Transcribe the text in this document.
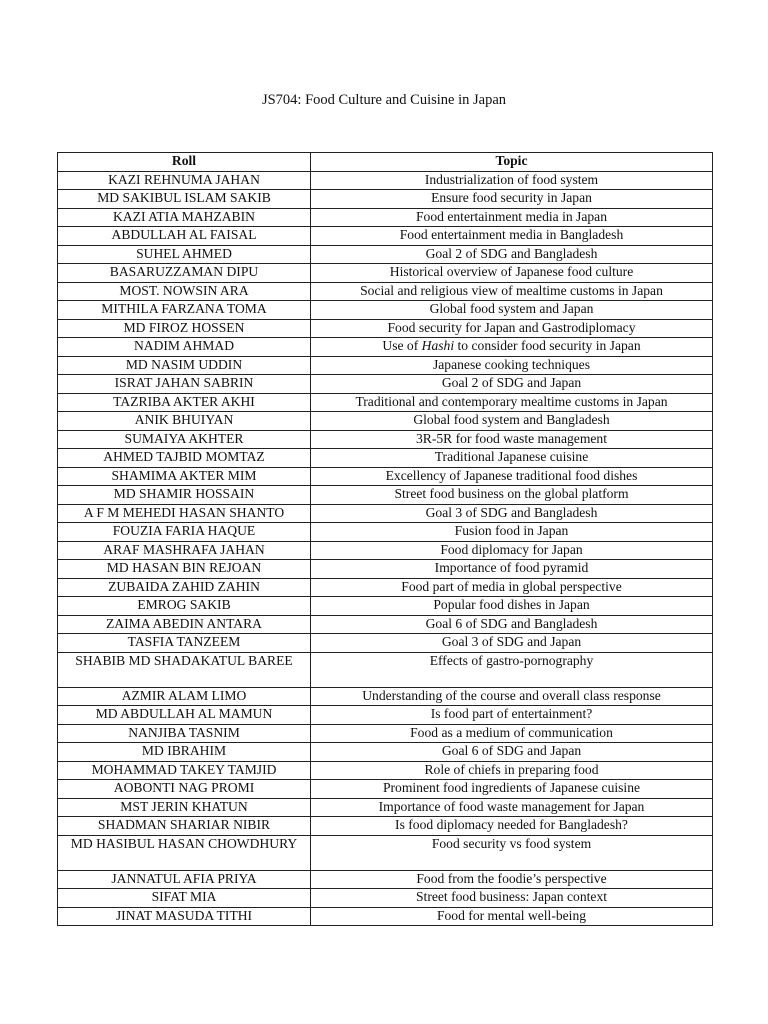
JS704: Food Culture and Cuisine in Japan
Roll	Topic
KAZI REHNUMA JAHAN	Industrialization of food system
MD SAKIBUL ISLAM SAKIB	Ensure food security in Japan
KAZI ATIA MAHZABIN	Food entertainment media in Japan
ABDULLAH AL FAISAL	Food entertainment media in Bangladesh
SUHEL AHMED	Goal 2 of SDG and Bangladesh
BASARUZZAMAN DIPU	Historical overview of Japanese food culture
MOST. NOWSIN ARA	Social and religious view of mealtime customs in Japan
MITHILA FARZANA TOMA	Global food system and Japan
MD FIROZ HOSSEN	Food security for Japan and Gastrodiplomacy
NADIM AHMAD	Use of Hashi to consider food security in Japan
MD NASIM UDDIN	Japanese cooking techniques
ISRAT JAHAN SABRIN	Goal 2 of SDG and Japan
TAZRIBA AKTER AKHI	Traditional and contemporary mealtime customs in Japan
ANIK BHUIYAN	Global food system and Bangladesh
SUMAIYA AKHTER	3R-5R for food waste management
AHMED TAJBID MOMTAZ	Traditional Japanese cuisine
SHAMIMA AKTER MIM	Excellency of Japanese traditional food dishes
MD SHAMIR HOSSAIN	Street food business on the global platform
A F M MEHEDI HASAN SHANTO	Goal 3 of SDG and Bangladesh
FOUZIA FARIA HAQUE	Fusion food in Japan
ARAF MASHRAFA JAHAN	Food diplomacy for Japan
MD HASAN BIN REJOAN	Importance of food pyramid
ZUBAIDA ZAHID ZAHIN	Food part of media in global perspective
EMROG SAKIB	Popular food dishes in Japan
ZAIMA ABEDIN ANTARA	Goal 6 of SDG and Bangladesh
TASFIA TANZEEM	Goal 3 of SDG and Japan
SHABIB MD SHADAKATUL BAREE	Effects of gastro-pornography
AZMIR ALAM LIMO	Understanding of the course and overall class response
MD ABDULLAH AL MAMUN	Is food part of entertainment?
NANJIBA TASNIM	Food as a medium of communication
MD IBRAHIM	Goal 6 of SDG and Japan
MOHAMMAD TAKEY TAMJID	Role of chiefs in preparing food
AOBONTI NAG PROMI	Prominent food ingredients of Japanese cuisine
MST JERIN KHATUN	Importance of food waste management for Japan
SHADMAN SHARIAR NIBIR	Is food diplomacy needed for Bangladesh?
MD HASIBUL HASAN CHOWDHURY	Food security vs food system
JANNATUL AFIA PRIYA	Food from the foodie’s perspective
SIFAT MIA	Street food business: Japan context
JINAT MASUDA TITHI	Food for mental well-being
